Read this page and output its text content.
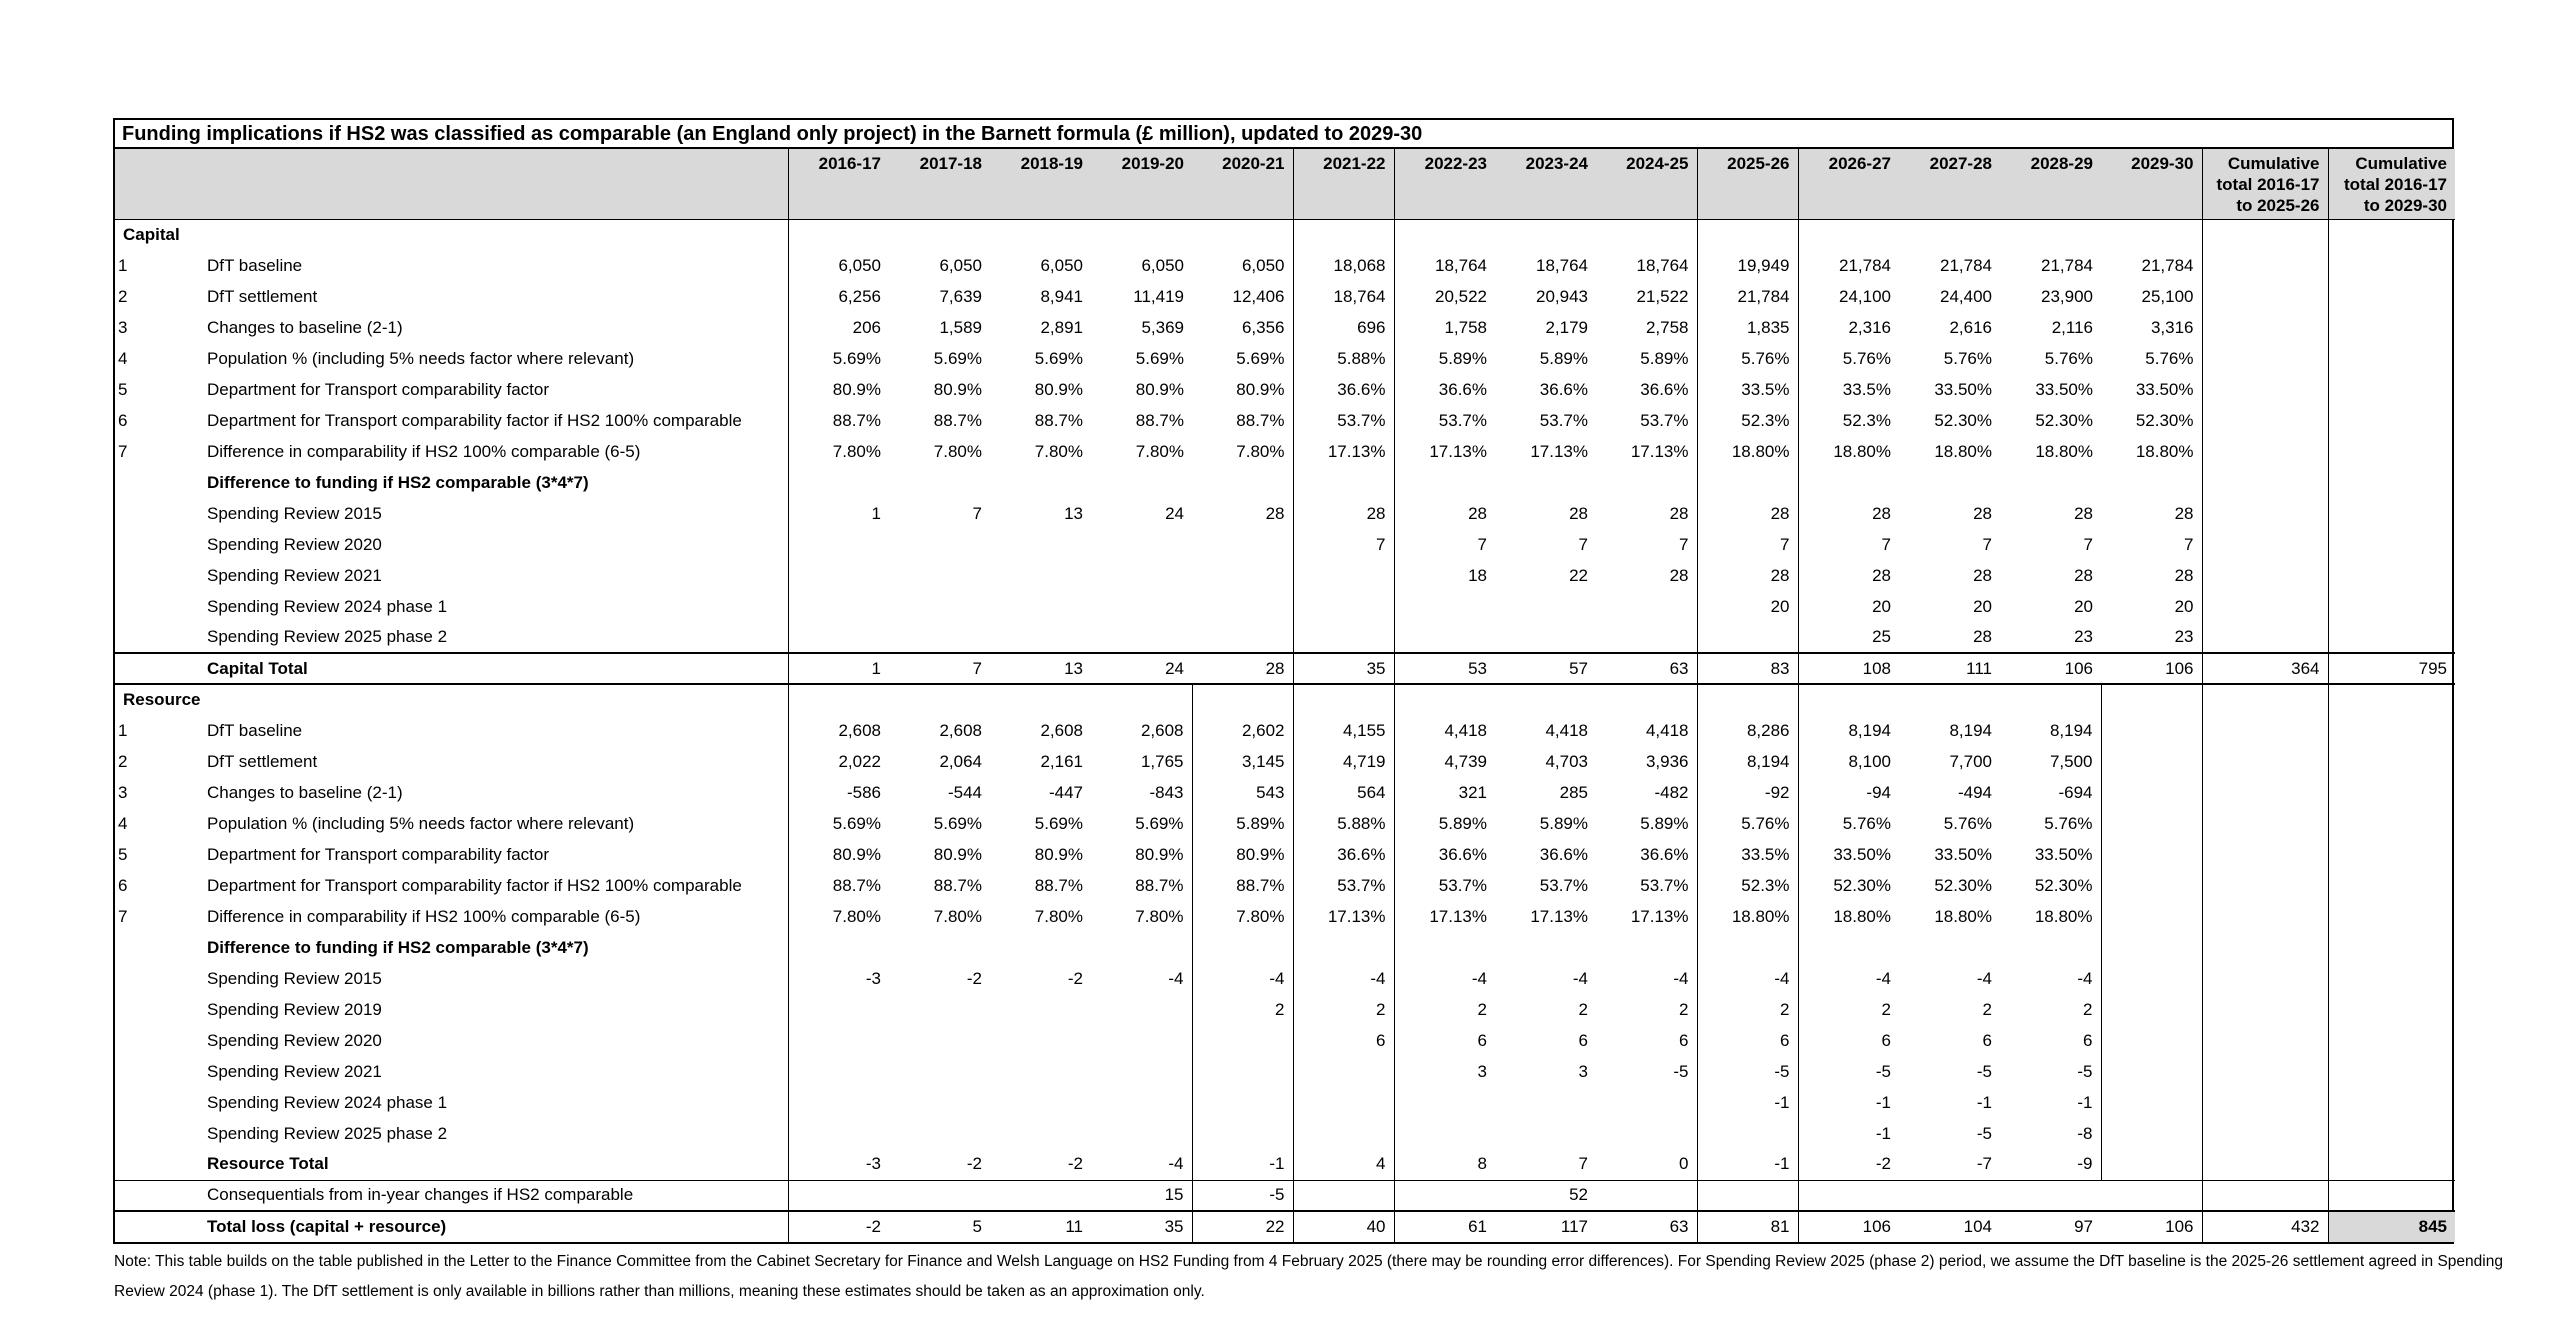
Funding implications if HS2 was classified as comparable (an England only project) in the Barnett formula (£ million), updated to 2029-30
		2016-17	2017-18	2018-19	2019-20	2020-21	2021-22	2022-23	2023-24	2024-25	2025-26	2026-27	2027-28	2028-29	2029-30	Cumulative total 2016-17 to 2025-26	Cumulative total 2016-17 to 2029-30
Capital																	
1	DfT baseline	6,050	6,050	6,050	6,050	6,050	18,068	18,764	18,764	18,764	19,949	21,784	21,784	21,784	21,784		
2	DfT settlement	6,256	7,639	8,941	11,419	12,406	18,764	20,522	20,943	21,522	21,784	24,100	24,400	23,900	25,100		
3	Changes to baseline (2-1)	206	1,589	2,891	5,369	6,356	696	1,758	2,179	2,758	1,835	2,316	2,616	2,116	3,316		
4	Population % (including 5% needs factor where relevant)	5.69%	5.69%	5.69%	5.69%	5.69%	5.88%	5.89%	5.89%	5.89%	5.76%	5.76%	5.76%	5.76%	5.76%		
5	Department for Transport comparability factor	80.9%	80.9%	80.9%	80.9%	80.9%	36.6%	36.6%	36.6%	36.6%	33.5%	33.5%	33.50%	33.50%	33.50%		
6	Department for Transport comparability factor if HS2 100% comparable	88.7%	88.7%	88.7%	88.7%	88.7%	53.7%	53.7%	53.7%	53.7%	52.3%	52.3%	52.30%	52.30%	52.30%		
7	Difference in comparability if HS2 100% comparable (6-5)	7.80%	7.80%	7.80%	7.80%	7.80%	17.13%	17.13%	17.13%	17.13%	18.80%	18.80%	18.80%	18.80%	18.80%		
	Difference to funding if HS2 comparable (3*4*7)																
	Spending Review 2015	1	7	13	24	28	28	28	28	28	28	28	28	28	28		
	Spending Review 2020						7	7	7	7	7	7	7	7	7		
	Spending Review 2021							18	22	28	28	28	28	28	28		
	Spending Review 2024 phase 1										20	20	20	20	20		
	Spending Review 2025 phase 2											25	28	23	23		
	Capital Total	1	7	13	24	28	35	53	57	63	83	108	111	106	106	364	795
Resource																	
1	DfT baseline	2,608	2,608	2,608	2,608	2,602	4,155	4,418	4,418	4,418	8,286	8,194	8,194	8,194			
2	DfT settlement	2,022	2,064	2,161	1,765	3,145	4,719	4,739	4,703	3,936	8,194	8,100	7,700	7,500			
3	Changes to baseline (2-1)	-586	-544	-447	-843	543	564	321	285	-482	-92	-94	-494	-694			
4	Population % (including 5% needs factor where relevant)	5.69%	5.69%	5.69%	5.69%	5.89%	5.88%	5.89%	5.89%	5.89%	5.76%	5.76%	5.76%	5.76%			
5	Department for Transport comparability factor	80.9%	80.9%	80.9%	80.9%	80.9%	36.6%	36.6%	36.6%	36.6%	33.5%	33.50%	33.50%	33.50%			
6	Department for Transport comparability factor if HS2 100% comparable	88.7%	88.7%	88.7%	88.7%	88.7%	53.7%	53.7%	53.7%	53.7%	52.3%	52.30%	52.30%	52.30%			
7	Difference in comparability if HS2 100% comparable (6-5)	7.80%	7.80%	7.80%	7.80%	7.80%	17.13%	17.13%	17.13%	17.13%	18.80%	18.80%	18.80%	18.80%			
	Difference to funding if HS2 comparable (3*4*7)																
	Spending Review 2015	-3	-2	-2	-4	-4	-4	-4	-4	-4	-4	-4	-4	-4			
	Spending Review 2019					2	2	2	2	2	2	2	2	2			
	Spending Review 2020						6	6	6	6	6	6	6	6			
	Spending Review 2021							3	3	-5	-5	-5	-5	-5			
	Spending Review 2024 phase 1										-1	-1	-1	-1			
	Spending Review 2025 phase 2											-1	-5	-8			
	Resource Total	-3	-2	-2	-4	-1	4	8	7	0	-1	-2	-7	-9			
	Consequentials from in-year changes if HS2 comparable				15	-5			52								
	Total loss (capital + resource)	-2	5	11	35	22	40	61	117	63	81	106	104	97	106	432	845
Note: This table builds on the table published in the Letter to the Finance Committee from the Cabinet Secretary for Finance and Welsh Language on HS2 Funding from 4 February 2025 (there may be rounding error differences). For Spending Review 2025 (phase 2) period, we assume the DfT baseline is the 2025-26 settlement agreed in Spending Review 2024 (phase 1). The DfT settlement is only available in billions rather than millions, meaning these estimates should be taken as an approximation only.
